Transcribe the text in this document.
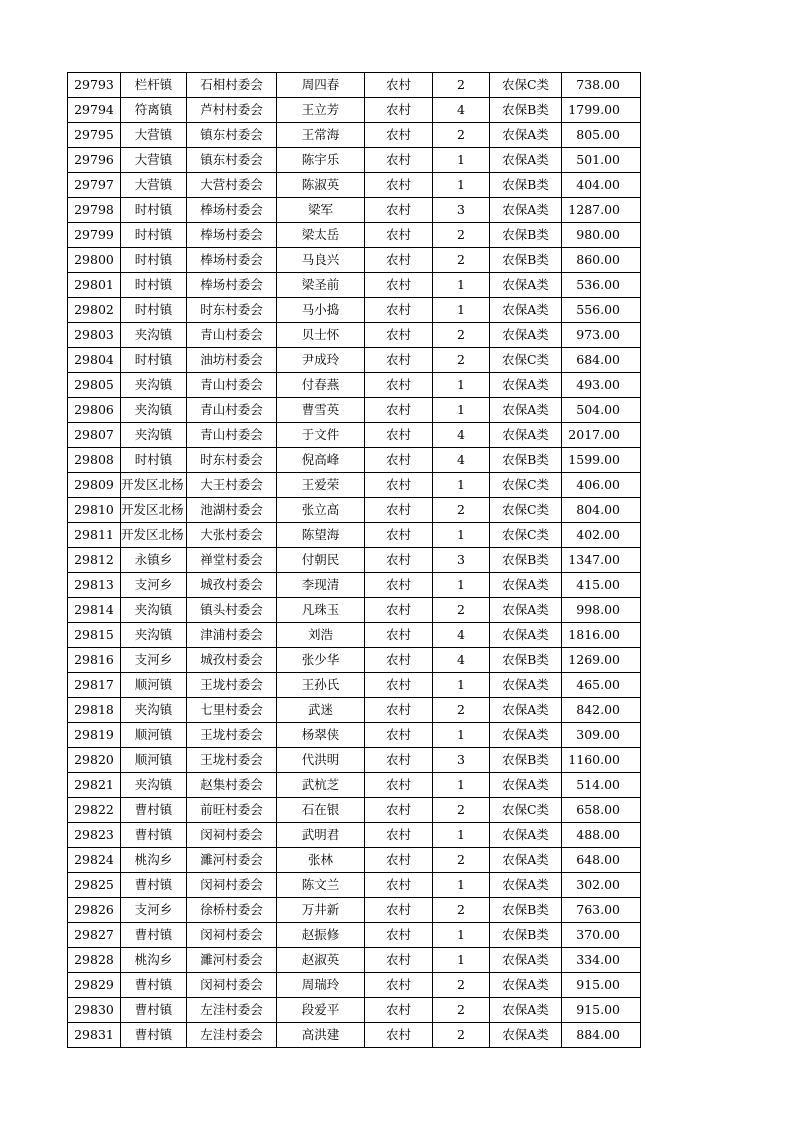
29793	栏杆镇	石相村委会	周四春	农村	2	农保C类	738.00
29794	符离镇	芦村村委会	王立芳	农村	4	农保B类	1799.00
29795	大营镇	镇东村委会	王常海	农村	2	农保A类	805.00
29796	大营镇	镇东村委会	陈宇乐	农村	1	农保A类	501.00
29797	大营镇	大营村委会	陈淑英	农村	1	农保B类	404.00
29798	时村镇	棒场村委会	梁军	农村	3	农保A类	1287.00
29799	时村镇	棒场村委会	梁太岳	农村	2	农保B类	980.00
29800	时村镇	棒场村委会	马良兴	农村	2	农保B类	860.00
29801	时村镇	棒场村委会	梁圣前	农村	1	农保A类	536.00
29802	时村镇	时东村委会	马小捣	农村	1	农保A类	556.00
29803	夹沟镇	青山村委会	贝士怀	农村	2	农保A类	973.00
29804	时村镇	油坊村委会	尹成玲	农村	2	农保C类	684.00
29805	夹沟镇	青山村委会	付春燕	农村	1	农保A类	493.00
29806	夹沟镇	青山村委会	曹雪英	农村	1	农保A类	504.00
29807	夹沟镇	青山村委会	于文件	农村	4	农保A类	2017.00
29808	时村镇	时东村委会	倪高峰	农村	4	农保B类	1599.00
29809	开发区北杨	大王村委会	王爱荣	农村	1	农保C类	406.00
29810	开发区北杨	池湖村委会	张立高	农村	2	农保C类	804.00
29811	开发区北杨	大张村委会	陈望海	农村	1	农保C类	402.00
29812	永镇乡	禅堂村委会	付朝民	农村	3	农保B类	1347.00
29813	支河乡	城孜村委会	李现清	农村	1	农保A类	415.00
29814	夹沟镇	镇头村委会	凡珠玉	农村	2	农保A类	998.00
29815	夹沟镇	津浦村委会	刘浩	农村	4	农保A类	1816.00
29816	支河乡	城孜村委会	张少华	农村	4	农保B类	1269.00
29817	顺河镇	王垅村委会	王孙氏	农村	1	农保A类	465.00
29818	夹沟镇	七里村委会	武迷	农村	2	农保A类	842.00
29819	顺河镇	王垅村委会	杨翠侠	农村	1	农保A类	309.00
29820	顺河镇	王垅村委会	代洪明	农村	3	农保B类	1160.00
29821	夹沟镇	赵集村委会	武杭芝	农村	1	农保A类	514.00
29822	曹村镇	前旺村委会	石在银	农村	2	农保C类	658.00
29823	曹村镇	闵祠村委会	武明君	农村	1	农保A类	488.00
29824	桃沟乡	濉河村委会	张林	农村	2	农保A类	648.00
29825	曹村镇	闵祠村委会	陈文兰	农村	1	农保A类	302.00
29826	支河乡	徐桥村委会	万井新	农村	2	农保B类	763.00
29827	曹村镇	闵祠村委会	赵振修	农村	1	农保B类	370.00
29828	桃沟乡	濉河村委会	赵淑英	农村	1	农保A类	334.00
29829	曹村镇	闵祠村委会	周瑞玲	农村	2	农保A类	915.00
29830	曹村镇	左洼村委会	段爱平	农村	2	农保A类	915.00
29831	曹村镇	左洼村委会	高洪建	农村	2	农保A类	884.00
